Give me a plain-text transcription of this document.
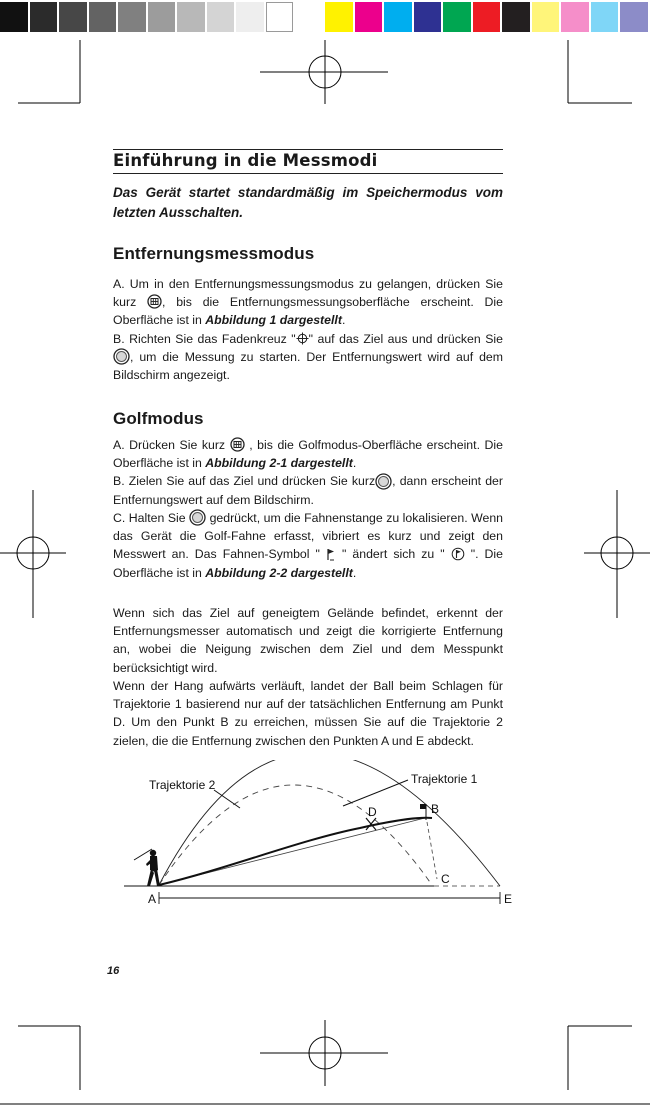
Einführung in die Messmodi

Das Gerät startet standardmäßig im Speichermodus vom letzten Ausschalten.

Entfernungsmessmodus

A. Um in den Entfernungsmessungsmodus zu gelangen, drücken Sie kurz , bis die Entfernungsmessungsoberfläche erscheint. Die Oberfläche ist in Abbildung 1 dargestellt.
B. Richten Sie das Fadenkreuz " " auf das Ziel aus und drücken Sie, um die Messung zu starten. Der Entfernungswert wird auf dem Bildschirm angezeigt.

Golfmodus

A. Drücken Sie kurz  , bis die Golfmodus-Oberfläche erscheint. Die Oberfläche ist in Abbildung 2-1 dargestellt.
B. Zielen Sie auf das Ziel und drücken Sie kurz , dann erscheint der Entfernungswert auf dem Bildschirm.
C. Halten Sie  gedrückt, um die Fahnenstange zu lokalisieren. Wenn das Gerät die Golf-Fahne erfasst, vibriert es kurz und zeigt den Messwert an. Das Fahnen-Symbol "  " ändert sich zu "  ". Die Oberfläche ist in Abbildung 2-2 dargestellt.

Wenn sich das Ziel auf geneigtem Gelände befindet, erkennt der Entfernungsmesser automatisch und zeigt die korrigierte Entfernung an, wobei die Neigung zwischen dem Ziel und dem Messpunkt berücksichtigt wird.

Wenn der Hang aufwärts verläuft, landet der Ball beim Schlagen für Trajektorie 1 basierend nur auf der tatsächlichen Entfernung am Punkt D. Um den Punkt B zu erreichen, müssen Sie auf die Trajektorie 2 zielen, die die Entfernung zwischen den Punkten A und E abdeckt.

Trajektorie 2	Trajektorie 1
A
B
C
D
E
16
